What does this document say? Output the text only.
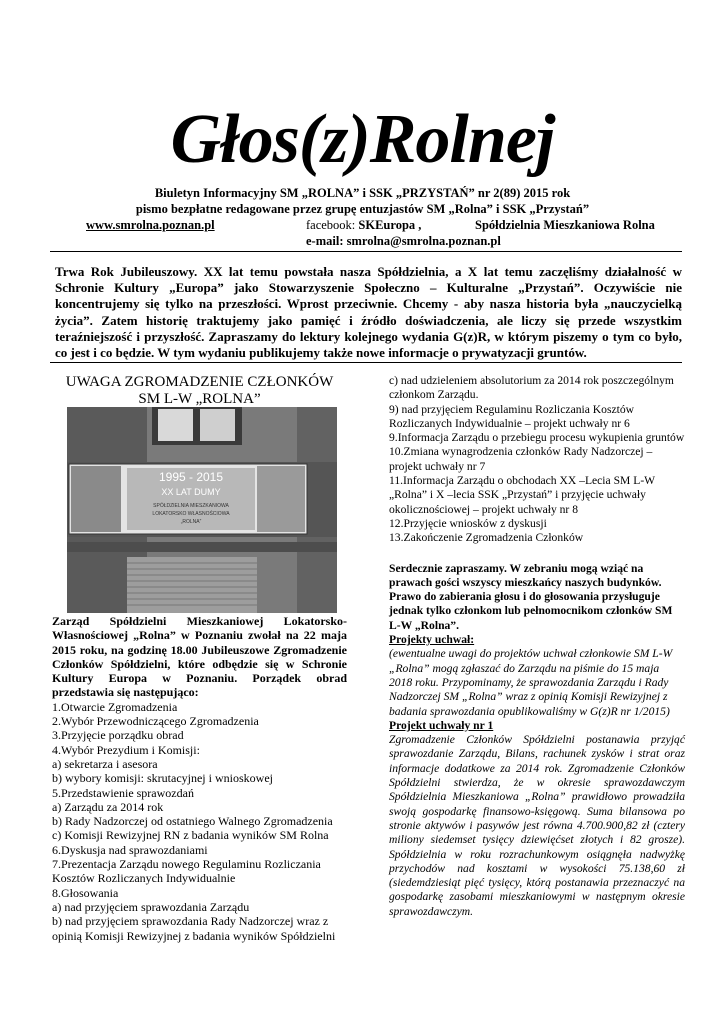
Głos(z)Rolnej
Biuletyn Informacyjny SM „ROLNA” i SSK „PRZYSTAŃ” nr 2(89) 2015 rok
pismo bezpłatne redagowane przez grupę entuzjastów SM „Rolna” i SSK „Przystań”
www.smrolna.poznan.pl	facebook: SKEuropa ,	Spółdzielnia Mieszkaniowa Rolna
e-mail: smrolna@smrolna.poznan.pl
Trwa Rok Jubileuszowy. XX lat temu powstała nasza Spółdzielnia, a X lat temu zaczęliśmy działalność w Schronie Kultury „Europa” jako Stowarzyszenie Społeczno – Kulturalne „Przystań”. Oczywiście nie koncentrujemy się tylko na przeszłości. Wprost przeciwnie. Chcemy - aby nasza historia była „nauczycielką życia”. Zatem historię traktujemy jako pamięć i źródło doświadczenia, ale liczy się przede wszystkim teraźniejszość i przyszłość. Zapraszamy do lektury kolejnego wydania G(z)R, w którym piszemy o tym co było, co jest i co będzie. W tym wydaniu publikujemy także nowe informacje o prywatyzacji gruntów.
UWAGA ZGROMADZENIE CZŁONKÓW
SM L-W „ROLNA”
1995 - 2015
XX LAT DUMY
SPÓŁDZIELNIA MIESZKANIOWA
LOKATORSKO WŁASNOŚCIOWA
„ROLNA”

Zarząd Spółdzielni Mieszkaniowej Lokatorsko-Własnościowej „Rolna” w Poznaniu zwołał na 22 maja 2015 roku, na godzinę 18.00 Jubileuszowe Zgromadzenie Członków Spółdzielni, które odbędzie się w Schronie Kultury Europa w Poznaniu. Porządek obrad przedstawia się następująco:

1.Otwarcie Zgromadzenia
2.Wybór Przewodniczącego Zgromadzenia
3.Przyjęcie porządku obrad
4.Wybór Prezydium i Komisji:
a) sekretarza i asesora
b) wybory komisji: skrutacyjnej i wnioskowej
5.Przedstawienie sprawozdań
a) Zarządu za 2014 rok
b) Rady Nadzorczej od ostatniego Walnego Zgromadzenia
c) Komisji Rewizyjnej RN z badania wyników SM Rolna
6.Dyskusja nad sprawozdaniami
7.Prezentacja Zarządu nowego Regulaminu Rozliczania Kosztów Rozliczanych Indywidualnie
8.Głosowania
a) nad przyjęciem sprawozdania Zarządu
b) nad przyjęciem sprawozdania Rady Nadzorczej wraz z opinią Komisji Rewizyjnej z badania wyników Spółdzielni
c) nad udzieleniem absolutorium za 2014 rok poszczególnym członkom Zarządu.
9) nad przyjęciem Regulaminu Rozliczania Kosztów Rozliczanych Indywidualnie – projekt uchwały nr 6
9.Informacja Zarządu o przebiegu procesu wykupienia gruntów
10.Zmiana wynagrodzenia członków Rady Nadzorczej – projekt uchwały nr 7
11.Informacja Zarządu o obchodach XX –Lecia SM L-W „Rolna” i X –lecia SSK „Przystań” i przyjęcie uchwały okolicznościowej – projekt uchwały nr 8
12.Przyjęcie wniosków z dyskusji
13.Zakończenie Zgromadzenia Członków

Serdecznie zapraszamy. W zebraniu mogą wziąć na prawach gości wszyscy mieszkańcy naszych budynków. Prawo do zabierania głosu i do głosowania przysługuje jednak tylko członkom lub pełnomocnikom członków SM L-W „Rolna”.

Projekty uchwał:

(ewentualne uwagi do projektów uchwał członkowie SM L-W „Rolna” mogą zgłaszać do Zarządu na piśmie do 15 maja 2018 roku. Przypominamy, że sprawozdania Zarządu i Rady Nadzorczej SM „Rolna” wraz z opinią Komisji Rewizyjnej z badania sprawozdania opublikowaliśmy w G(z)R nr 1/2015)

Projekt uchwały nr 1

Zgromadzenie Członków Spółdzielni postanawia przyjąć sprawozdanie Zarządu, Bilans, rachunek zysków i strat oraz informacje dodatkowe za 2014 rok. Zgromadzenie Członków Spółdzielni stwierdza, że w okresie sprawozdawczym Spółdzielnia Mieszkaniowa „Rolna” prawidłowo prowadziła swoją gospodarkę finansowo-księgową. Suma bilansowa po stronie aktywów i pasywów jest równa 4.700.900,82 zł (cztery miliony siedemset tysięcy dziewięćset złotych i 82 grosze). Spółdzielnia w roku rozrachunkowym osiągnęła nadwyżkę przychodów nad kosztami w wysokości 75.138,60 zł (siedemdziesiąt pięć tysięcy, którą postanawia przeznaczyć na gospodarkę zasobami mieszkaniowymi w następnym okresie sprawozdawczym.
